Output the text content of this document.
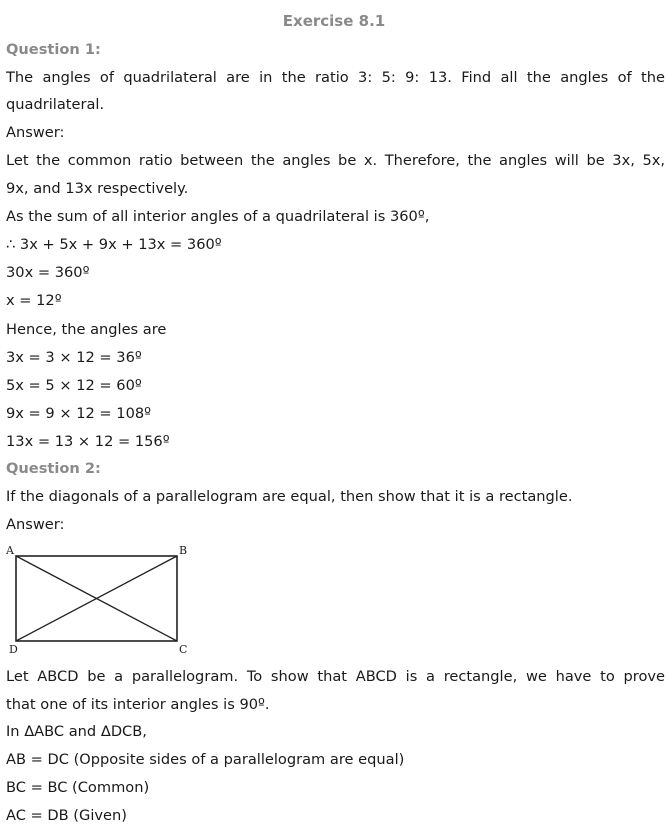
Exercise 8.1
Question 1:
The angles of quadrilateral are in the ratio 3: 5: 9: 13. Find all the angles of the
quadrilateral.
Answer:
Let the common ratio between the angles be x. Therefore, the angles will be 3x, 5x,
9x, and 13x respectively.
As the sum of all interior angles of a quadrilateral is 360º,
∴ 3x + 5x + 9x + 13x = 360º
30x = 360º
x = 12º
Hence, the angles are
3x = 3 × 12 = 36º
5x = 5 × 12 = 60º
9x = 9 × 12 = 108º
13x = 13 × 12 = 156º
Question 2:
If the diagonals of a parallelogram are equal, then show that it is a rectangle.
Answer:
A	B
C
D
Let ABCD be a parallelogram. To show that ABCD is a rectangle, we have to prove
that one of its interior angles is 90º.
In ΔABC and ΔDCB,
AB = DC (Opposite sides of a parallelogram are equal)
BC = BC (Common)
AC = DB (Given)
